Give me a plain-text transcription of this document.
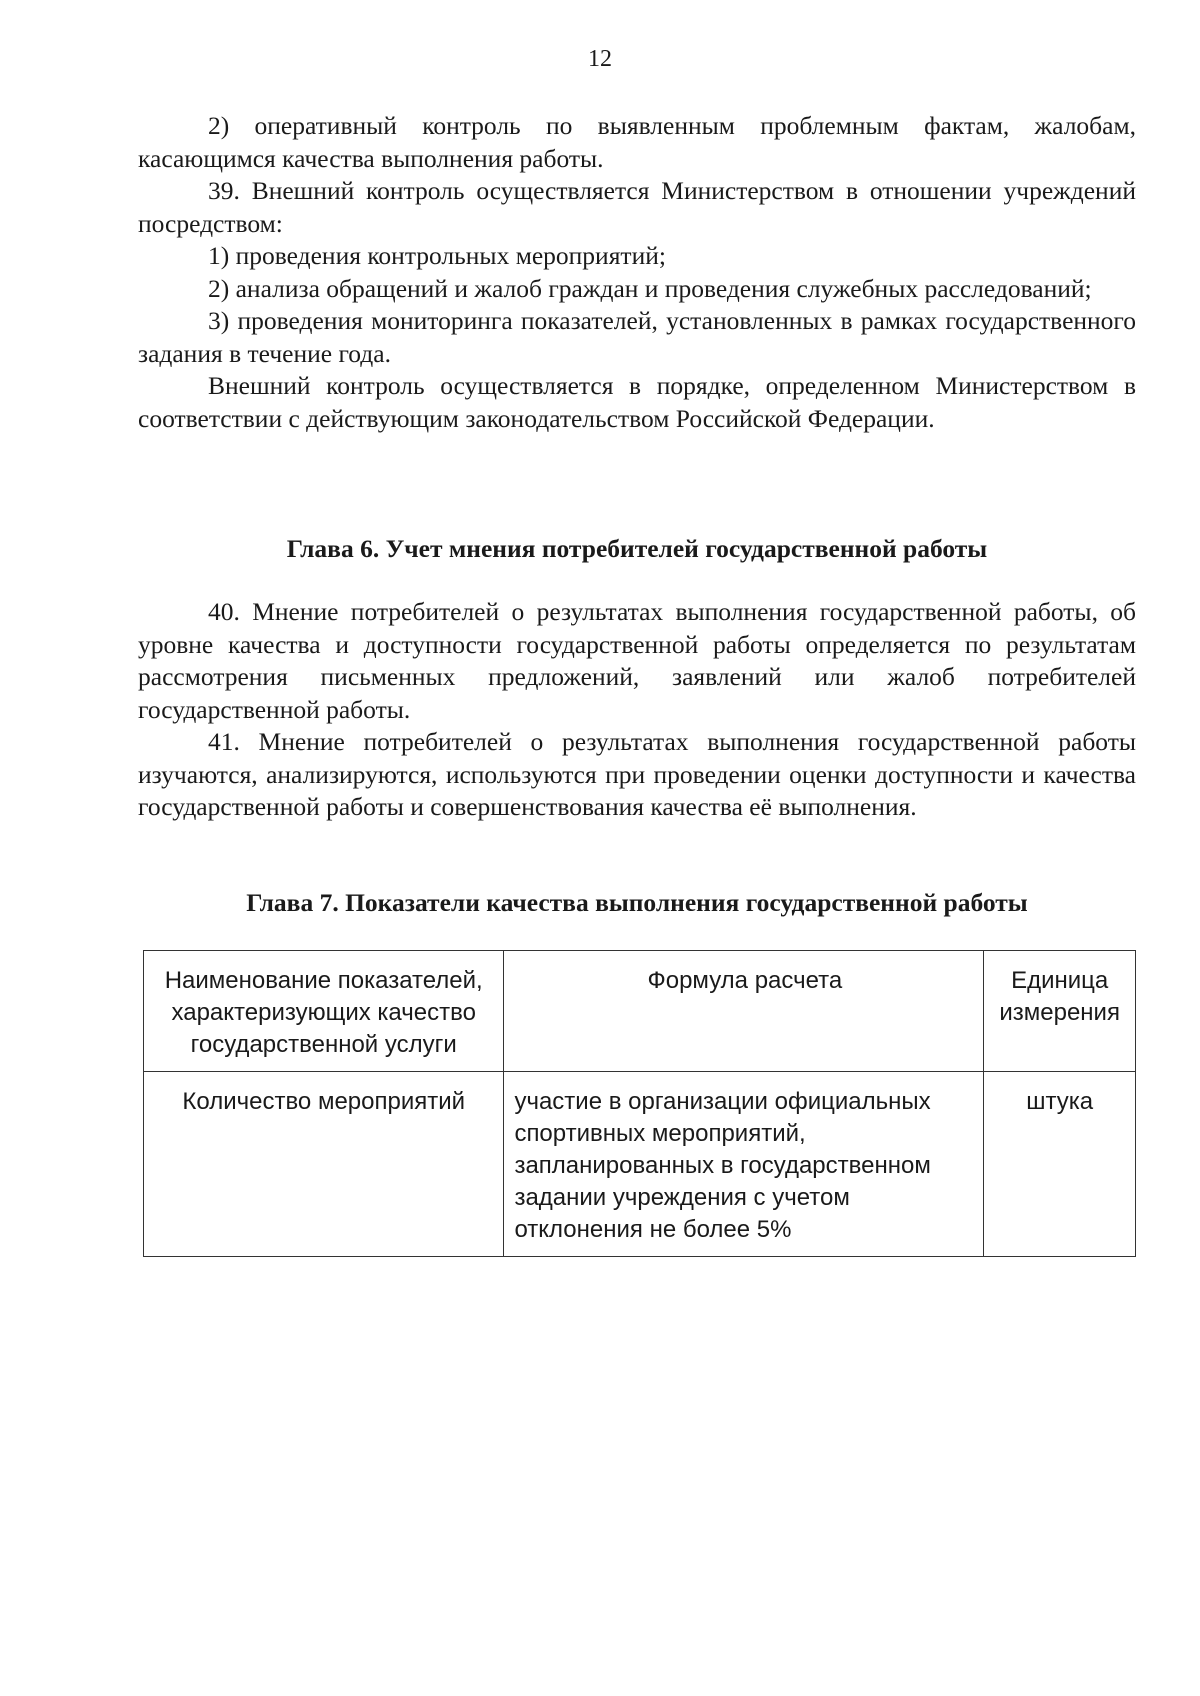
12

2) оперативный контроль по выявленным проблемным фактам, жалобам, касающимся качества выполнения работы.

39. Внешний контроль осуществляется Министерством в отношении учреждений посредством:

1) проведения контрольных мероприятий;

2) анализа обращений и жалоб граждан и проведения служебных расследований;

3) проведения мониторинга показателей, установленных в рамках государственного задания в течение года.

Внешний контроль осуществляется в порядке, определенном Министерством в соответствии с действующим законодательством Российской Федерации.

Глава 6. Учет мнения потребителей государственной работы

40. Мнение потребителей о результатах выполнения государственной работы, об уровне качества и доступности государственной работы определяется по результатам рассмотрения письменных предложений, заявлений или жалоб потребителей государственной работы.

41. Мнение потребителей о результатах выполнения государственной работы изучаются, анализируются, используются при проведении оценки доступности и качества государственной работы и совершенствования качества её выполнения.

Глава 7. Показатели качества выполнения государственной работы
Наименование показателей, характеризующих качество государственной услуги	Формула расчета	Единица измерения
Количество мероприятий	участие в организации официальных спортивных мероприятий, запланированных в государственном задании учреждения с учетом отклонения не более 5%	штука
